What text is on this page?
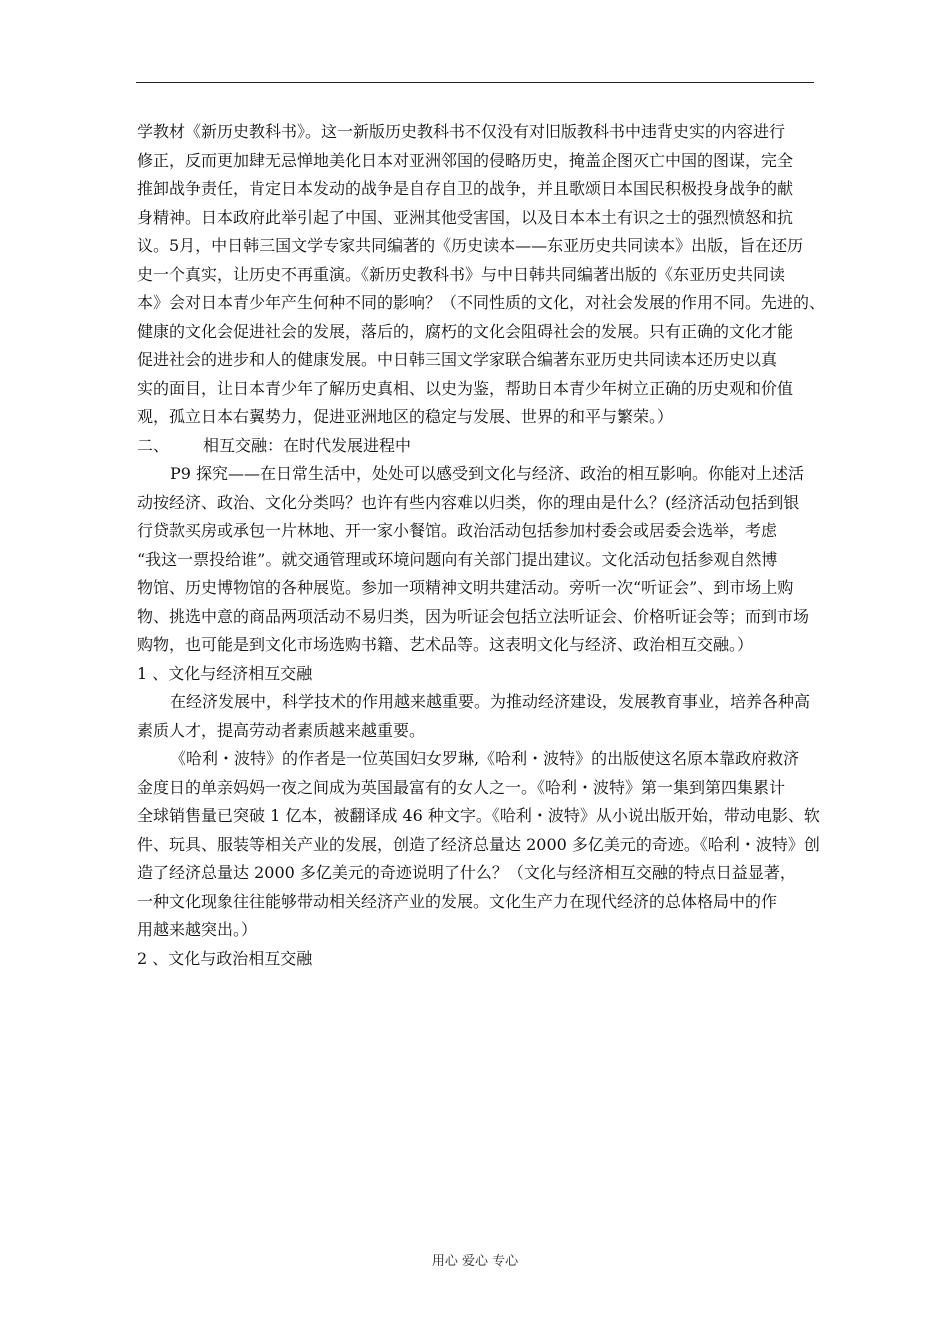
学教材《新历史教科书》。这一新版历史教科书不仅没有对旧版教科书中违背史实的内容进行
修正，反而更加肆无忌惮地美化日本对亚洲邻国的侵略历史，掩盖企图灭亡中国的图谋，完全
推卸战争责任，肯定日本发动的战争是自存自卫的战争，并且歌颂日本国民积极投身战争的献
身精神。日本政府此举引起了中国、亚洲其他受害国，以及日本本土有识之士的强烈愤怒和抗
议。5月，中日韩三国文学专家共同编著的《历史读本——东亚历史共同读本》出版，旨在还历
史一个真实，让历史不再重演。《新历史教科书》与中日韩共同编著出版的《东亚历史共同读
本》会对日本青少年产生何种不同的影响？（不同性质的文化，对社会发展的作用不同。先进的、
健康的文化会促进社会的发展，落后的，腐朽的文化会阻碍社会的发展。只有正确的文化才能
促进社会的进步和人的健康发展。中日韩三国文学家联合编著东亚历史共同读本还历史以真
实的面目，让日本青少年了解历史真相、以史为鉴，帮助日本青少年树立正确的历史观和价值
观，孤立日本右翼势力，促进亚洲地区的稳定与发展、世界的和平与繁荣。）
二、 相互交融：在时代发展进程中
P9 探究——在日常生活中，处处可以感受到文化与经济、政治的相互影响。你能对上述活
动按经济、政治、文化分类吗？也许有些内容难以归类，你的理由是什么？(经济活动包括到银
行贷款买房或承包一片林地、开一家小餐馆。政治活动包括参加村委会或居委会选举，考虑
“我这一票投给谁”。就交通管理或环境问题向有关部门提出建议。文化活动包括参观自然博
物馆、历史博物馆的各种展览。参加一项精神文明共建活动。旁听一次“听证会”、到市场上购
物、挑选中意的商品两项活动不易归类，因为听证会包括立法听证会、价格听证会等；而到市场
购物，也可能是到文化市场选购书籍、艺术品等。这表明文化与经济、政治相互交融。）
1 、文化与经济相互交融
在经济发展中，科学技术的作用越来越重要。为推动经济建设，发展教育事业，培养各种高
素质人才，提高劳动者素质越来越重要。
《哈利・波特》的作者是一位英国妇女罗琳,《哈利・波特》的出版使这名原本靠政府救济
金度日的单亲妈妈一夜之间成为英国最富有的女人之一。《哈利・波特》第一集到第四集累计
全球销售量已突破 1 亿本，被翻译成 46 种文字。《哈利・波特》从小说出版开始，带动电影、软
件、玩具、服装等相关产业的发展，创造了经济总量达 2000 多亿美元的奇迹。《哈利・波特》创
造了经济总量达 2000 多亿美元的奇迹说明了什么？（文化与经济相互交融的特点日益显著，
一种文化现象往往能够带动相关经济产业的发展。文化生产力在现代经济的总体格局中的作
用越来越突出。）
2 、文化与政治相互交融
用心 爱心 专心
